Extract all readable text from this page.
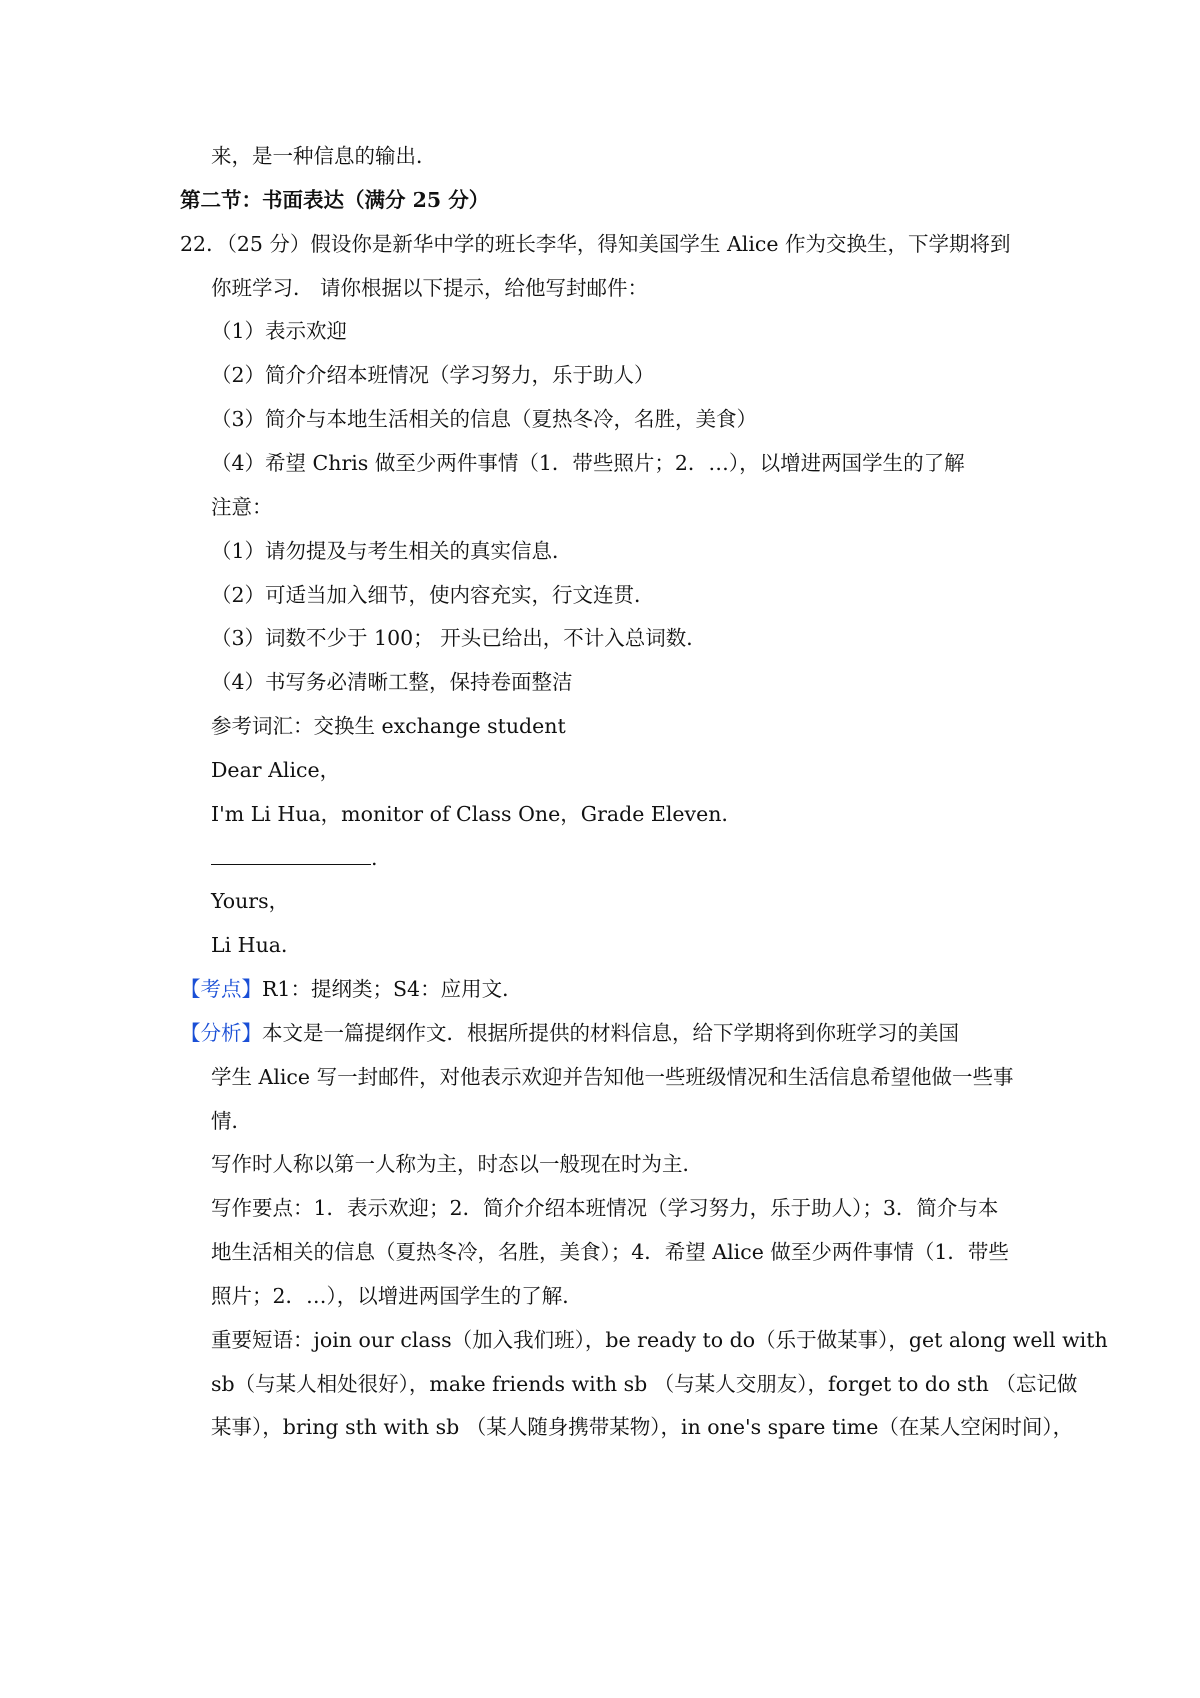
来，是一种信息的输出．
第二节：书面表达（满分 25 分）
22．（25 分）假设你是新华中学的班长李华，得知美国学生 Alice 作为交换生，下学期将到
你班学习． 请你根据以下提示，给他写封邮件：
（1）表示欢迎
（2）简介介绍本班情况（学习努力，乐于助人）
（3）简介与本地生活相关的信息（夏热冬冷，名胜，美食）
（4）希望 Chris 做至少两件事情（1．带些照片；2．…），以增进两国学生的了解
注意：
（1）请勿提及与考生相关的真实信息．
（2）可适当加入细节，使内容充实，行文连贯．
（3）词数不少于 100； 开头已给出，不计入总词数．
（4）书写务必清晰工整，保持卷面整洁
参考词汇：交换生 exchange student
Dear Alice，
I'm Li Hua，monitor of Class One，Grade Eleven．
.
Yours，
Li Hua．
【考点】R1：提纲类；S4：应用文．
【分析】本文是一篇提纲作文．根据所提供的材料信息，给下学期将到你班学习的美国
学生 Alice 写一封邮件，对他表示欢迎并告知他一些班级情况和生活信息希望他做一些事
情．
写作时人称以第一人称为主，时态以一般现在时为主．
写作要点：1．表示欢迎；2．简介介绍本班情况（学习努力，乐于助人）；3．简介与本
地生活相关的信息（夏热冬冷，名胜，美食）；4．希望 Alice 做至少两件事情（1．带些
照片；2．…），以增进两国学生的了解．
重要短语：join our class（加入我们班），be ready to do（乐于做某事），get along well with
sb（与某人相处很好），make friends with sb （与某人交朋友），forget to do sth （忘记做
某事），bring sth with sb （某人随身携带某物），in one's spare time（在某人空闲时间），
